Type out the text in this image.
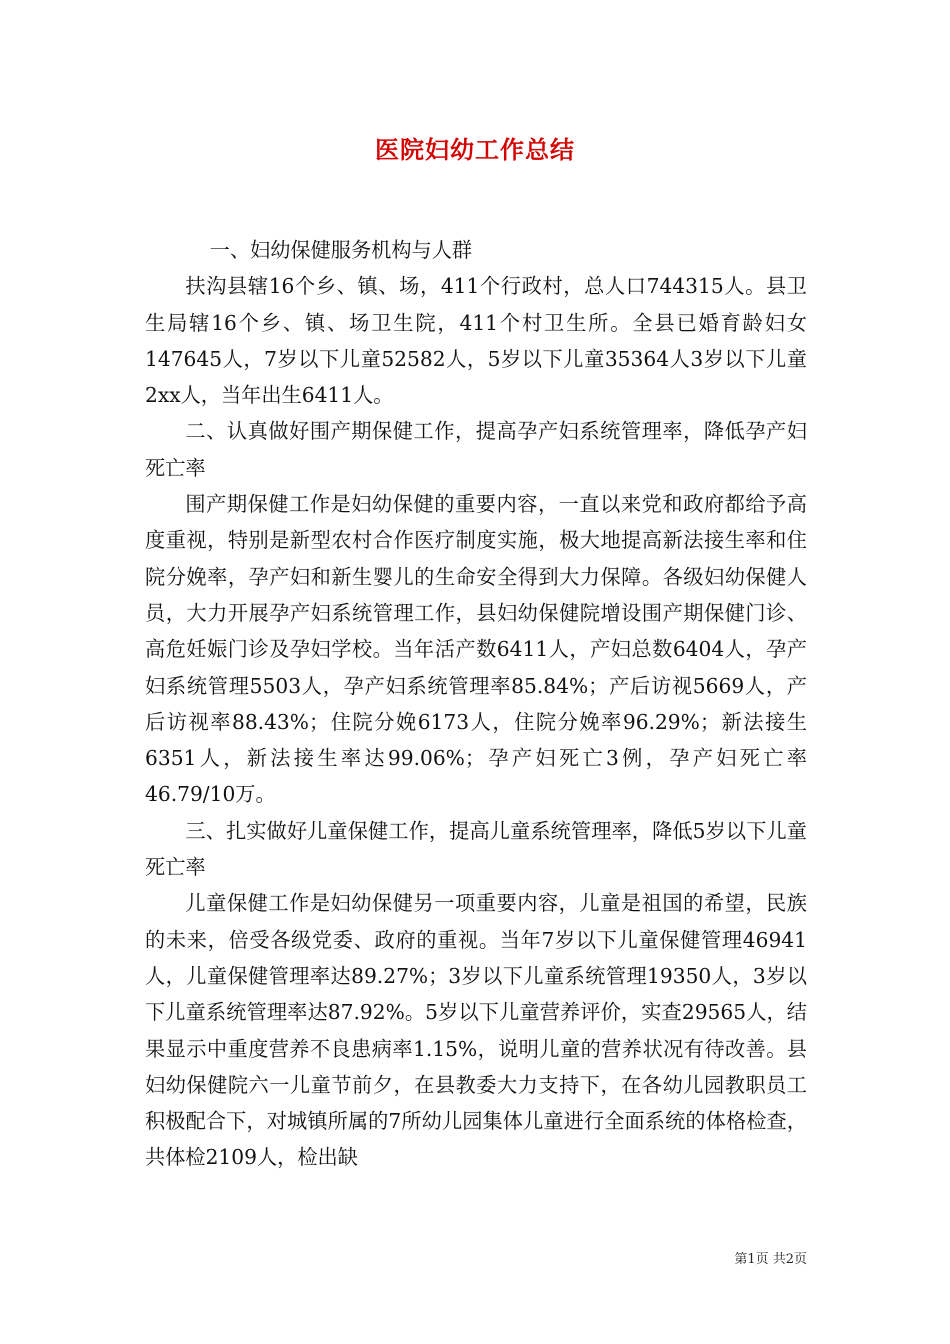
医院妇幼工作总结

一、妇幼保健服务机构与人群

扶沟县辖16个乡、镇、场，411个行政村，总人口744315人。县卫生局辖16个乡、镇、场卫生院，411个村卫生所。全县已婚育龄妇女147645人，7岁以下儿童52582人，5岁以下儿童35364人3岁以下儿童2xx人，当年出生6411人。

二、认真做好围产期保健工作，提高孕产妇系统管理率，降低孕产妇死亡率

围产期保健工作是妇幼保健的重要内容，一直以来党和政府都给予高度重视，特别是新型农村合作医疗制度实施，极大地提高新法接生率和住院分娩率，孕产妇和新生婴儿的生命安全得到大力保障。各级妇幼保健人员，大力开展孕产妇系统管理工作，县妇幼保健院增设围产期保健门诊、高危妊娠门诊及孕妇学校。当年活产数6411人，产妇总数6404人，孕产妇系统管理5503人，孕产妇系统管理率85.84%；产后访视5669人，产后访视率88.43%；住院分娩6173人，住院分娩率96.29%；新法接生6351人，新法接生率达99.06%；孕产妇死亡3例，孕产妇死亡率46.79/10万。

三、扎实做好儿童保健工作，提高儿童系统管理率，降低5岁以下儿童死亡率

儿童保健工作是妇幼保健另一项重要内容，儿童是祖国的希望，民族的未来，倍受各级党委、政府的重视。当年7岁以下儿童保健管理46941人，儿童保健管理率达89.27%；3岁以下儿童系统管理19350人，3岁以下儿童系统管理率达87.92%。5岁以下儿童营养评价，实查29565人，结果显示中重度营养不良患病率1.15%，说明儿童的营养状况有待改善。县妇幼保健院六一儿童节前夕，在县教委大力支持下，在各幼儿园教职员工积极配合下，对城镇所属的7所幼儿园集体儿童进行全面系统的体格检查，共体检2109人，检出缺

第1页 共2页
